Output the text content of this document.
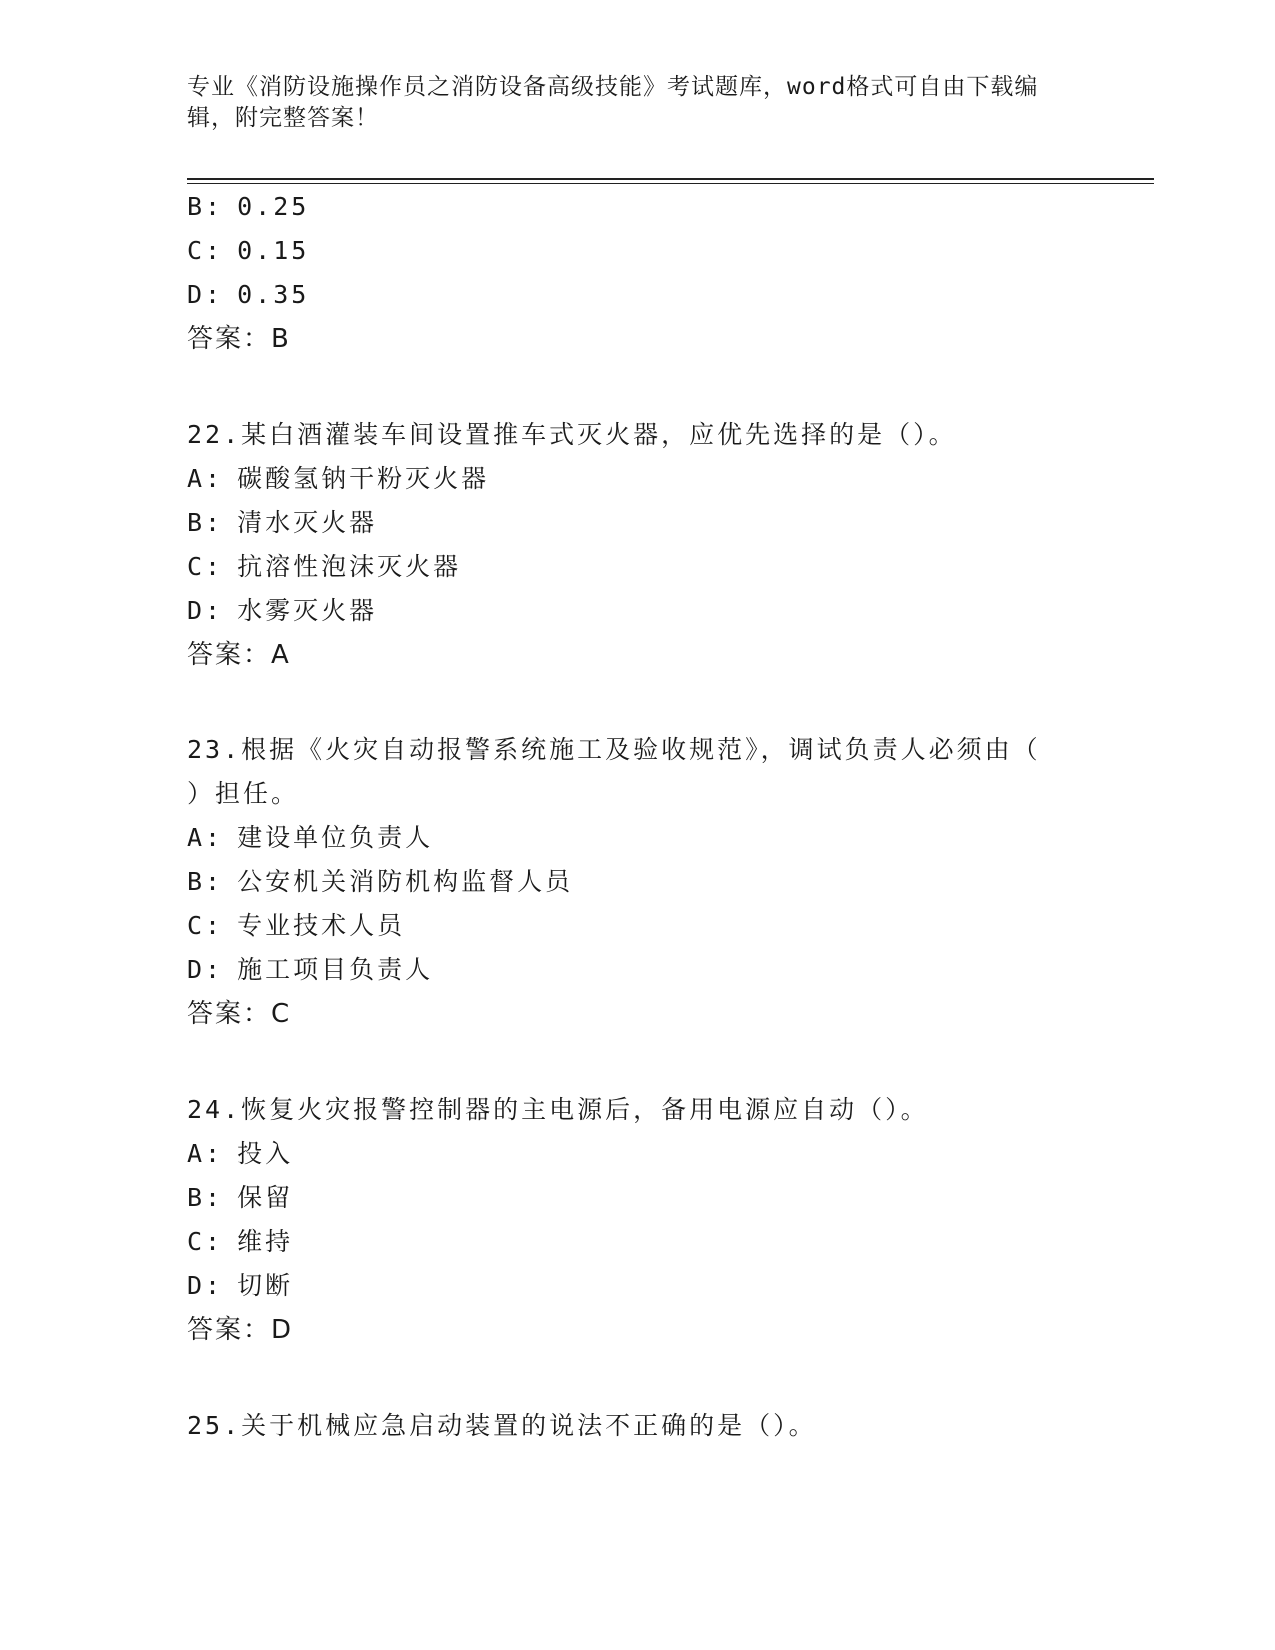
专业《消防设施操作员之消防设备高级技能》考试题库，word格式可自由下载编
辑，附完整答案！
B: 0.25
C: 0.15
D: 0.35
答案：B
22.某白酒灌装车间设置推车式灭火器，应优先选择的是（）。
A: 碳酸氢钠干粉灭火器
B: 清水灭火器
C: 抗溶性泡沫灭火器
D: 水雾灭火器
答案：A
23.根据《火灾自动报警系统施工及验收规范》，调试负责人必须由（
）担任。
A: 建设单位负责人
B: 公安机关消防机构监督人员
C: 专业技术人员
D: 施工项目负责人
答案：C
24.恢复火灾报警控制器的主电源后，备用电源应自动（）。
A: 投入
B: 保留
C: 维持
D: 切断
答案：D
25.关于机械应急启动装置的说法不正确的是（）。
